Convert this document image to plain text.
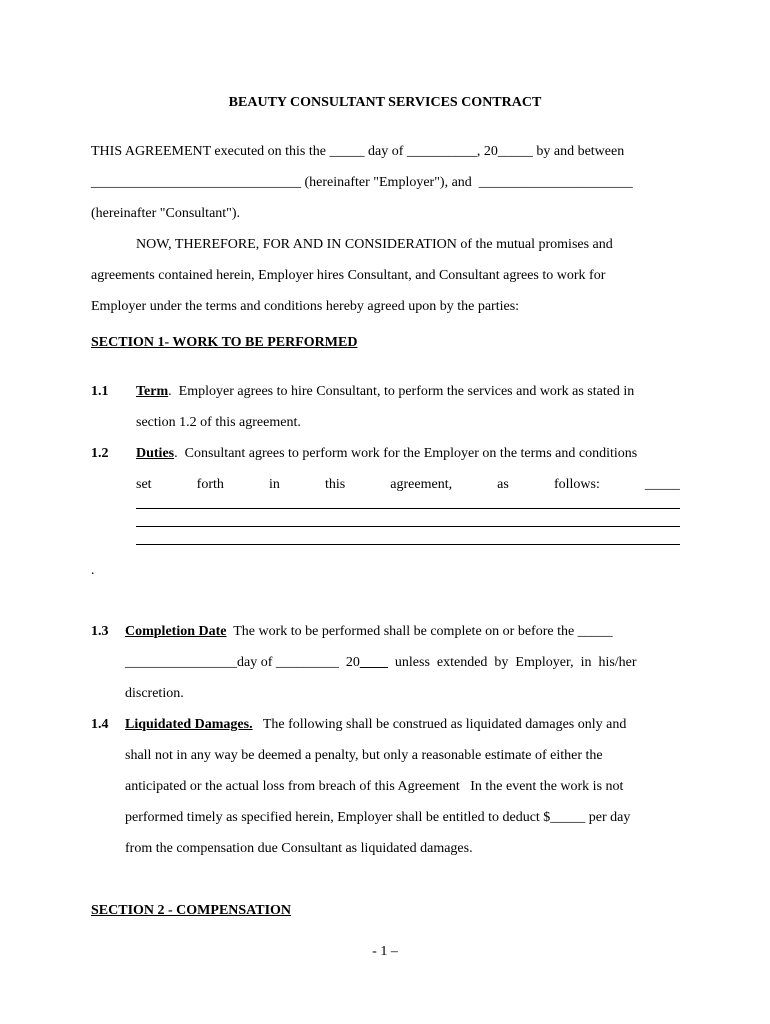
BEAUTY CONSULTANT SERVICES CONTRACT
THIS AGREEMENT executed on this the _____ day of __________, 20_____ by and between
______________________________ (hereinafter "Employer"), and  ______________________
(hereinafter "Consultant").
NOW, THEREFORE, FOR AND IN CONSIDERATION of the mutual promises and
agreements contained herein, Employer hires Consultant, and Consultant agrees to work for
Employer under the terms and conditions hereby agreed upon by the parties:
SECTION 1- WORK TO BE PERFORMED
1.1 Term.  Employer agrees to hire Consultant, to perform the services and work as stated in
section 1.2 of this agreement.
1.2 Duties.  Consultant agrees to perform work for the Employer on the terms and conditions
set	forth	in	this	agreement,	as	follows:	_____
.
1.3 Completion Date  The work to be performed shall be complete on or before the _____
________________day of _________  20____  unless  extended  by  Employer,  in  his/her
discretion.
1.4 Liquidated Damages.   The following shall be construed as liquidated damages only and
shall not in any way be deemed a penalty, but only a reasonable estimate of either the
anticipated or the actual loss from breach of this Agreement   In the event the work is not
performed timely as specified herein, Employer shall be entitled to deduct $_____ per day
from the compensation due Consultant as liquidated damages.
SECTION 2 - COMPENSATION
- 1 –
